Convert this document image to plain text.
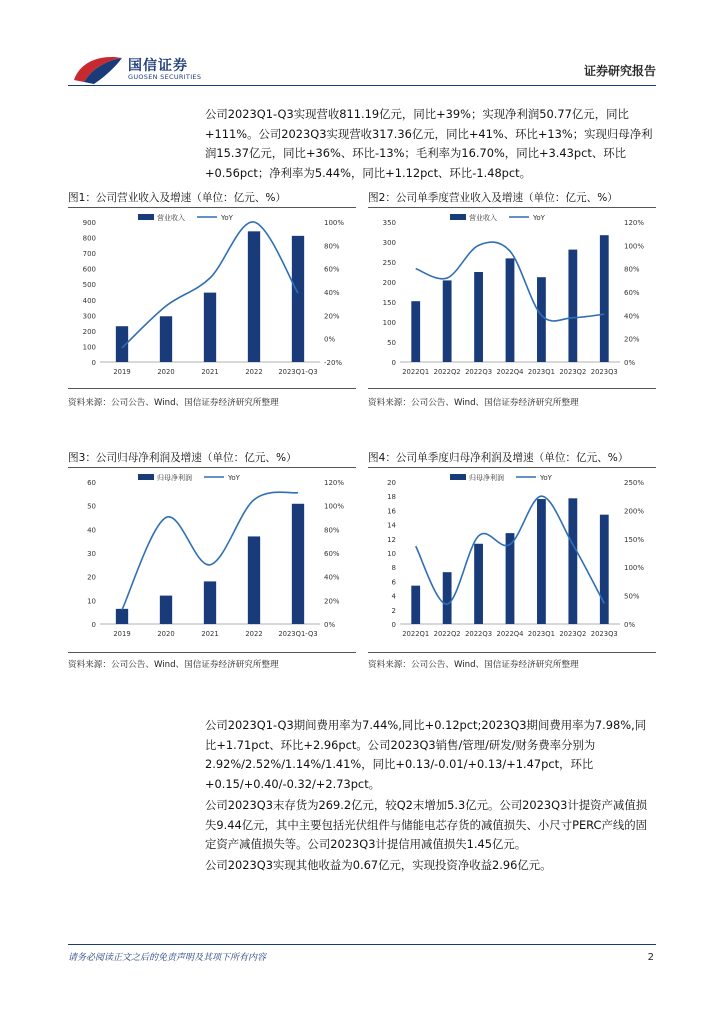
国信证券
GUOSEN SECURITIES	证券研究报告

公司2023Q1-Q3实现营收811.19亿元，同比+39%；实现净利润50.77亿元，同比+111%。公司2023Q3实现营收317.36亿元，同比+41%、环比+13%；实现归母净利润15.37亿元，同比+36%、环比-13%；毛利率为16.70%，同比+3.43pct、环比+0.56pct；净利率为5.44%，同比+1.12pct、环比-1.48pct。

图1：公司营业收入及增速（单位：亿元、%）
0
100
200
300
400
500
600
700
800
900
-20%
0%
20%
40%
60%
80%
100%
2019	2020	2021	2022 2023Q1-Q3
营业收入	YoY
资料来源：公司公告、Wind、国信证券经济研究所整理
图2：公司单季度营业收入及增速（单位：亿元、%）
0
50
100
150
200
250
300
350
0%
20%
40%
60%
80%
100%
120%
2022Q1 2022Q2 2022Q3 2022Q4 2023Q1 2023Q2 2023Q3
营业收入	YoY
资料来源：公司公告、Wind、国信证券经济研究所整理
图3：公司归母净利润及增速（单位：亿元、%）
0
10
20
30
40
50
60
0%
20%
40%
60%
80%
100%
120%
2019	2020	2021	2022 2023Q1-Q3
归母净利润	YoY
资料来源：公司公告、Wind、国信证券经济研究所整理
图4：公司单季度归母净利润及增速（单位：亿元、%）
0
2
4
6
8
10
12
14
16
18
20
0%
50%
100%
150%
200%
250%
2022Q1 2022Q2 2022Q3 2022Q4 2023Q1 2023Q2 2023Q3
归母净利润	YoY
资料来源：公司公告、Wind、国信证券经济研究所整理

公司2023Q1-Q3期间费用率为7.44%,同比+0.12pct;2023Q3期间费用率为7.98%,同比+1.71pct、环比+2.96pct。公司2023Q3销售/管理/研发/财务费率分别为2.92%/2.52%/1.14%/1.41%，同比+0.13/-0.01/+0.13/+1.47pct，环比+0.15/+0.40/-0.32/+2.73pct。

公司2023Q3末存货为269.2亿元，较Q2末增加5.3亿元。公司2023Q3计提资产减值损失9.44亿元，其中主要包括光伏组件与储能电芯存货的减值损失、小尺寸PERC产线的固定资产减值损失等。公司2023Q3计提信用减值损失1.45亿元。

公司2023Q3实现其他收益为0.67亿元，实现投资净收益2.96亿元。

请务必阅读正文之后的免责声明及其项下所有内容	2
